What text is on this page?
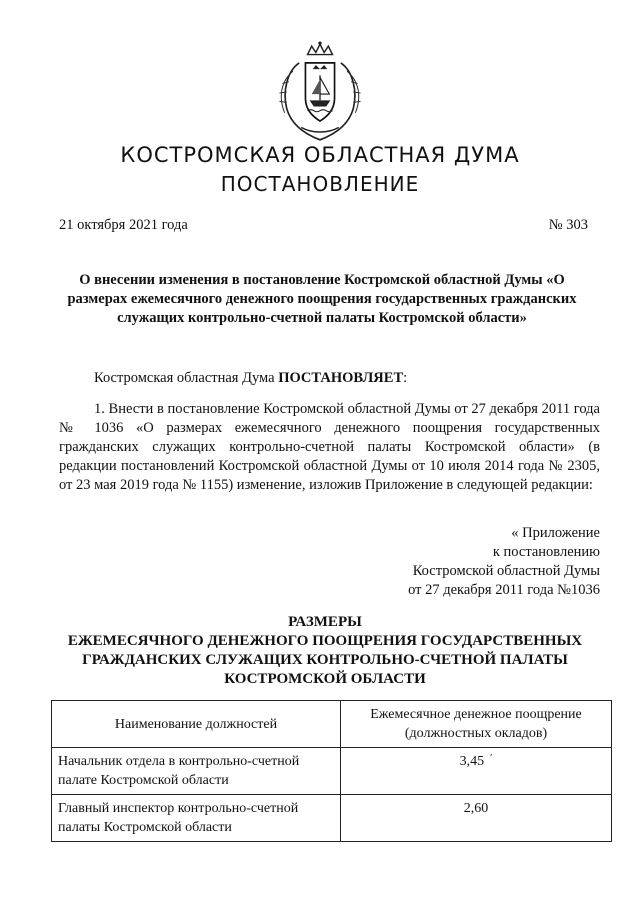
КОСТРОМСКАЯ ОБЛАСТНАЯ ДУМА
ПОСТАНОВЛЕНИЕ
21 октября 2021 года	№ 303
О внесении изменения в постановление Костромской областной Думы «О
размерах ежемесячного денежного поощрения государственных гражданских
служащих контрольно-счетной палаты Костромской области»
Костромская областная Дума ПОСТАНОВЛЯЕТ:
1. Внести в постановление Костромской областной Думы от 27 декабря 2011 года № 1036 «О размерах ежемесячного денежного поощрения государственных гражданских служащих контрольно-счетной палаты Костромской области» (в редакции постановлений Костромской областной Думы от 10 июля 2014 года № 2305, от 23 мая 2019 года № 1155) изменение, изложив Приложение в следующей редакции:
« Приложение
к постановлению
Костромской областной Думы
от 27 декабря 2011 года №1036
РАЗМЕРЫ
ЕЖЕМЕСЯЧНОГО ДЕНЕЖНОГО ПООЩРЕНИЯ ГОСУДАРСТВЕННЫХ
ГРАЖДАНСКИХ СЛУЖАЩИХ КОНТРОЛЬНО-СЧЕТНОЙ ПАЛАТЫ
КОСТРОМСКОЙ ОБЛАСТИ
Наименование должностей	Ежемесячное денежное поощрение
(должностных окладов)

Начальник отдела в контрольно-счетной
палате Костромской области	3,45 $^ʹ$

Главный инспектор контрольно-счетной
палаты Костромской области	2,60
